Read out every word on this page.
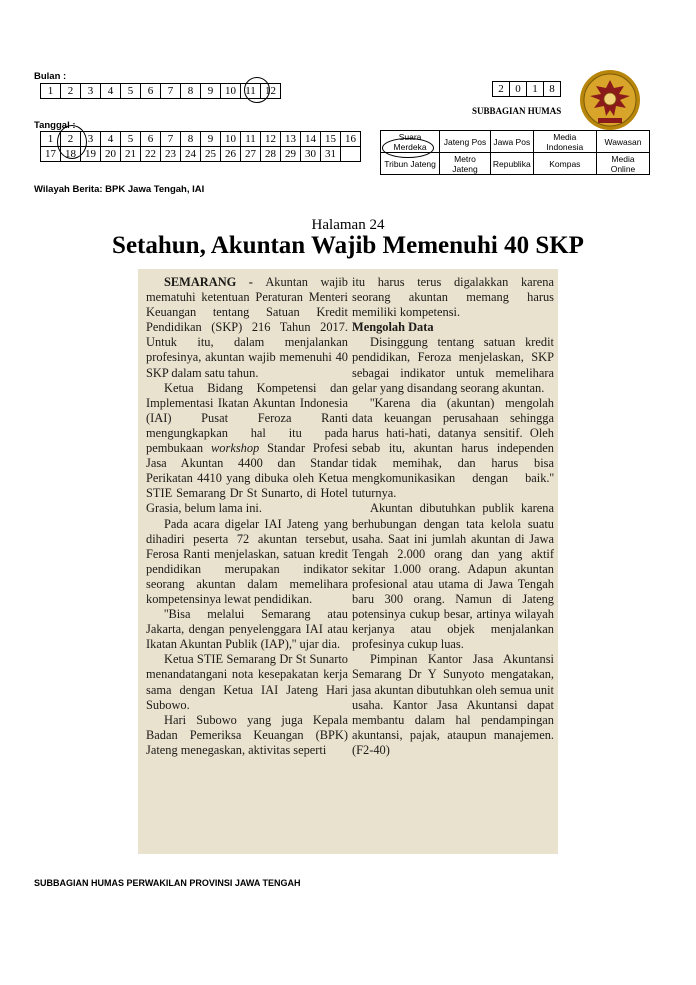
Bulan :
1	2	3	4	5	6	7	8	9	10	11	12
Tanggal :
1	2	3	4	5	6	7	8	9	10	11	12	13	14	15	16
17	18	19	20	21	22	23	24	25	26	27	28	29	30	31	
Wilayah Berita: BPK Jawa Tengah, IAI
2	0	1	8
SUBBAGIAN HUMAS
Suara Merdeka	Jateng Pos	Jawa Pos	Media Indonesia	Wawasan
Tribun Jateng	Metro Jateng	Republika	Kompas	Media Online
Halaman 24
Setahun, Akuntan Wajib Memenuhi 40 SKP

SEMARANG - Akuntan wajib mematuhi ketentuan Peraturan Menteri Keuangan tentang Satuan Kredit Pendidikan (SKP) 216 Tahun 2017. Untuk itu, dalam menjalankan profesinya, akuntan wajib memenuhi 40 SKP dalam satu tahun.

Ketua Bidang Kompetensi dan Implementasi Ikatan Akuntan Indonesia (IAI) Pusat Feroza Ranti mengungkapkan hal itu pada pembukaan workshop Standar Profesi Jasa Akuntan 4400 dan Standar Perikatan 4410 yang dibuka oleh Ketua STIE Semarang Dr St Sunarto, di Hotel Grasia, belum lama ini.

Pada acara digelar IAI Jateng yang dihadiri peserta 72 akuntan tersebut, Ferosa Ranti menjelaskan, satuan kredit pendidikan merupakan indikator seorang akuntan dalam memelihara kompetensinya lewat pendidikan.

''Bisa melalui Semarang atau Jakarta, dengan penyelenggara IAI atau Ikatan Akuntan Publik (IAP),'' ujar dia.

Ketua STIE Semarang Dr St Sunarto menandatangani nota kesepakatan kerja sama dengan Ketua IAI Jateng Hari Subowo.

Hari Subowo yang juga Kepala Badan Pemeriksa Keuangan (BPK) Jateng menegaskan, aktivitas seperti

itu harus terus digalakkan karena seorang akuntan memang harus memiliki kompetensi.

Mengolah Data

Disinggung tentang satuan kredit pendidikan, Feroza menjelaskan, SKP sebagai indikator untuk memelihara gelar yang disandang seorang akuntan.

''Karena dia (akuntan) mengolah data keuangan perusahaan sehingga harus hati-hati, datanya sensitif. Oleh sebab itu, akuntan harus independen tidak memihak, dan harus bisa mengkomunikasikan dengan baik.'' tuturnya.

Akuntan dibutuhkan publik karena berhubungan dengan tata kelola suatu usaha. Saat ini jumlah akuntan di Jawa Tengah 2.000 orang dan yang aktif sekitar 1.000 orang. Adapun akuntan profesional atau utama di Jawa Tengah baru 300 orang. Namun di Jateng potensinya cukup besar, artinya wilayah kerjanya atau objek menjalankan profesinya cukup luas.

Pimpinan Kantor Jasa Akuntansi Semarang Dr Y Sunyoto mengatakan, jasa akuntan dibutuhkan oleh semua unit usaha. Kantor Jasa Akuntansi dapat membantu dalam hal pendampingan akuntansi, pajak, ataupun manajemen. (F2-40)

SUBBAGIAN HUMAS PERWAKILAN PROVINSI JAWA TENGAH
